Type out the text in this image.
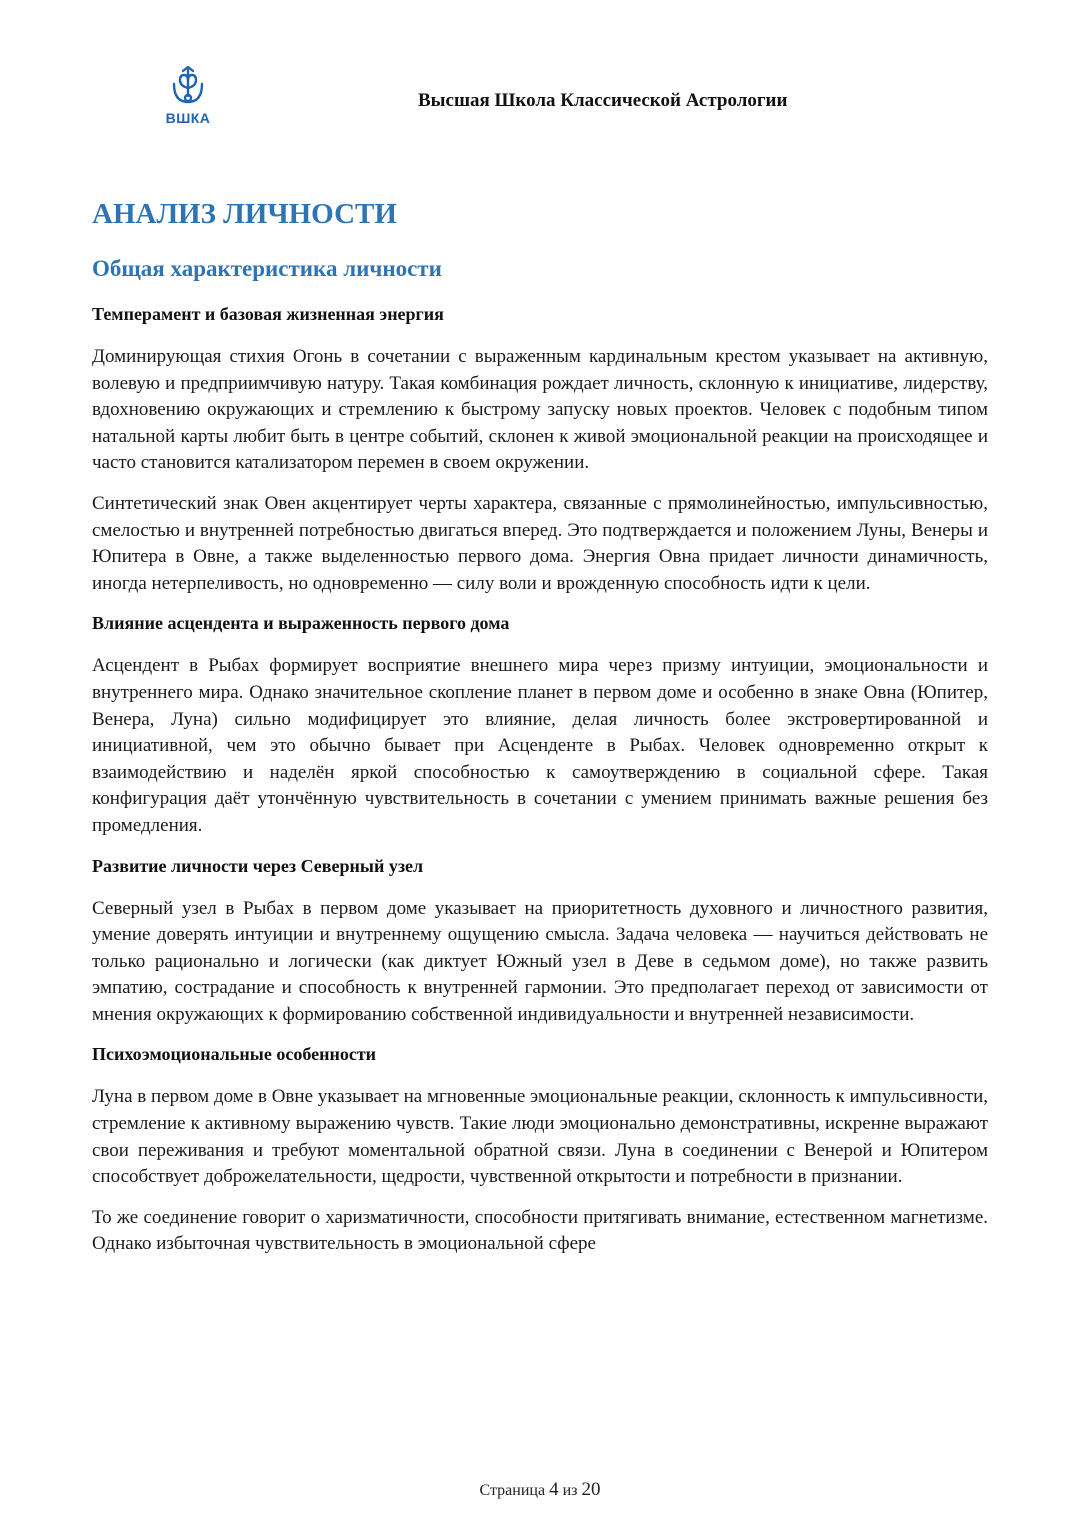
ВШКА
Высшая Школа Классической Астрологии
АНАЛИЗ ЛИЧНОСТИ
Общая характеристика личности
Темперамент и базовая жизненная энергия

Доминирующая стихия Огонь в сочетании с выраженным кардинальным крестом указывает на активную, волевую и предприимчивую натуру. Такая комбинация рождает личность, склонную к инициативе, лидерству, вдохновению окружающих и стремлению к быстрому запуску новых проектов. Человек с подобным типом натальной карты любит быть в центре событий, склонен к живой эмоциональной реакции на происходящее и часто становится катализатором перемен в своем окружении.

Синтетический знак Овен акцентирует черты характера, связанные с прямолинейностью, импульсивностью, смелостью и внутренней потребностью двигаться вперед. Это подтверждается и положением Луны, Венеры и Юпитера в Овне, а также выделенностью первого дома. Энергия Овна придает личности динамичность, иногда нетерпеливость, но одновременно — силу воли и врожденную способность идти к цели.

Влияние асцендента и выраженность первого дома

Асцендент в Рыбах формирует восприятие внешнего мира через призму интуиции, эмоциональности и внутреннего мира. Однако значительное скопление планет в первом доме и особенно в знаке Овна (Юпитер, Венера, Луна) сильно модифицирует это влияние, делая личность более экстровертированной и инициативной, чем это обычно бывает при Асценденте в Рыбах. Человек одновременно открыт к взаимодействию и наделён яркой способностью к самоутверждению в социальной сфере. Такая конфигурация даёт утончённую чувствительность в сочетании с умением принимать важные решения без промедления.

Развитие личности через Северный узел

Северный узел в Рыбах в первом доме указывает на приоритетность духовного и личностного развития, умение доверять интуиции и внутреннему ощущению смысла. Задача человека — научиться действовать не только рационально и логически (как диктует Южный узел в Деве в седьмом доме), но также развить эмпатию, сострадание и способность к внутренней гармонии. Это предполагает переход от зависимости от мнения окружающих к формированию собственной индивидуальности и внутренней независимости.

Психоэмоциональные особенности

Луна в первом доме в Овне указывает на мгновенные эмоциональные реакции, склонность к импульсивности, стремление к активному выражению чувств. Такие люди эмоционально демонстративны, искренне выражают свои переживания и требуют моментальной обратной связи. Луна в соединении с Венерой и Юпитером способствует доброжелательности, щедрости, чувственной открытости и потребности в признании.

То же соединение говорит о харизматичности, способности притягивать внимание, естественном магнетизме. Однако избыточная чувствительность в эмоциональной сфере

Страница 4 из 20
